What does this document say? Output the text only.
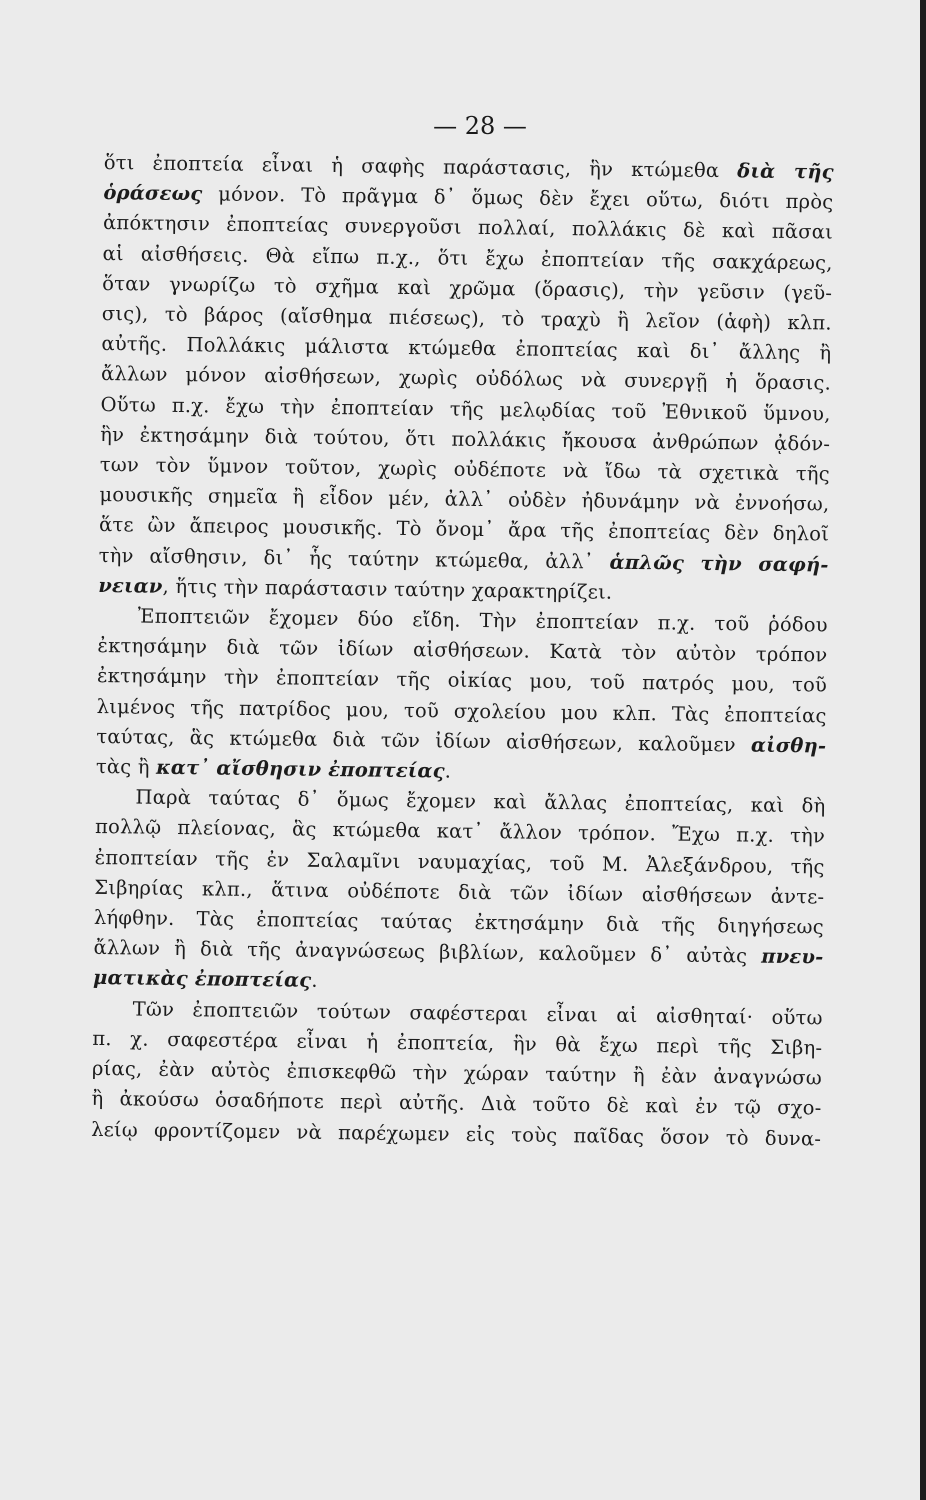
— 28 —
ὅτι ἐποπτεία εἶναι ἡ σαφὴς παράστασις, ἣν κτώμεθα διὰ τῆς
ὁράσεως μόνον. Τὸ πρᾶγμα δ᾿ ὅμως δὲν ἔχει οὕτω, διότι πρὸς
ἀπόκτησιν ἐποπτείας συνεργοῦσι πολλαί, πολλάκις δὲ καὶ πᾶσαι
αἱ αἰσθήσεις. Θὰ εἴπω π.χ., ὅτι ἔχω ἐποπτείαν τῆς σακχάρεως,
ὅταν γνωρίζω τὸ σχῆμα καὶ χρῶμα (ὅρασις), τὴν γεῦσιν (γεῦ-
σις), τὸ βάρος (αἴσθημα πιέσεως), τὸ τραχὺ ἢ λεῖον (ἁφὴ) κλπ.
αὐτῆς. Πολλάκις μάλιστα κτώμεθα ἐποπτείας καὶ δι᾿ ἄλλης ἢ
ἄλλων μόνον αἰσθήσεων, χωρὶς οὐδόλως νὰ συνεργῇ ἡ ὅρασις.
Οὕτω π.χ. ἔχω τὴν ἐποπτείαν τῆς μελῳδίας τοῦ Ἐθνικοῦ ὕμνου,
ἣν ἐκτησάμην διὰ τούτου, ὅτι πολλάκις ἤκουσα ἀνθρώπων ᾀδόν-
των τὸν ὕμνον τοῦτον, χωρὶς οὐδέποτε νὰ ἴδω τὰ σχετικὰ τῆς
μουσικῆς σημεῖα ἢ εἶδον μέν, ἀλλ᾿ οὐδὲν ἠδυνάμην νὰ ἐννοήσω,
ἅτε ὢν ἄπειρος μουσικῆς. Τὸ ὄνομ᾿ ἄρα τῆς ἐποπτείας δὲν δηλοῖ
τὴν αἴσθησιν, δι᾿ ἧς ταύτην κτώμεθα, ἀλλ᾿ ἁπλῶς τὴν σαφή-
νειαν, ἥτις τὴν παράστασιν ταύτην χαρακτηρίζει.
Ἐποπτειῶν ἔχομεν δύο εἴδη. Τὴν ἐποπτείαν π.χ. τοῦ ῥόδου
ἐκτησάμην διὰ τῶν ἰδίων αἰσθήσεων. Κατὰ τὸν αὐτὸν τρόπον
ἐκτησάμην τὴν ἐποπτείαν τῆς οἰκίας μου, τοῦ πατρός μου, τοῦ
λιμένος τῆς πατρίδος μου, τοῦ σχολείου μου κλπ. Τὰς ἐποπτείας
ταύτας, ἃς κτώμεθα διὰ τῶν ἰδίων αἰσθήσεων, καλοῦμεν αἰσθη-
τὰς ἢ κατ᾿ αἴσθησιν ἐποπτείας.
Παρὰ ταύτας δ᾿ ὅμως ἔχομεν καὶ ἄλλας ἐποπτείας, καὶ δὴ
πολλῷ πλείονας, ἃς κτώμεθα κατ᾿ ἄλλον τρόπον. Ἔχω π.χ. τὴν
ἐποπτείαν τῆς ἐν Σαλαμῖνι ναυμαχίας, τοῦ Μ. Ἀλεξάνδρου, τῆς
Σιβηρίας κλπ., ἅτινα οὐδέποτε διὰ τῶν ἰδίων αἰσθήσεων ἀντε-
λήφθην. Τὰς ἐποπτείας ταύτας ἐκτησάμην διὰ τῆς διηγήσεως
ἄλλων ἢ διὰ τῆς ἀναγνώσεως βιβλίων, καλοῦμεν δ᾿ αὐτὰς πνευ-
ματικὰς ἐποπτείας.
Τῶν ἐποπτειῶν τούτων σαφέστεραι εἶναι αἱ αἰσθηταί· οὕτω
π. χ. σαφεστέρα εἶναι ἡ ἐποπτεία, ἣν θὰ ἔχω περὶ τῆς Σιβη-
ρίας, ἐὰν αὐτὸς ἐπισκεφθῶ τὴν χώραν ταύτην ἢ ἐὰν ἀναγνώσω
ἢ ἀκούσω ὁσαδήποτε περὶ αὐτῆς. Διὰ τοῦτο δὲ καὶ ἐν τῷ σχο-
λείῳ φροντίζομεν νὰ παρέχωμεν εἰς τοὺς παῖδας ὅσον τὸ δυνα-
